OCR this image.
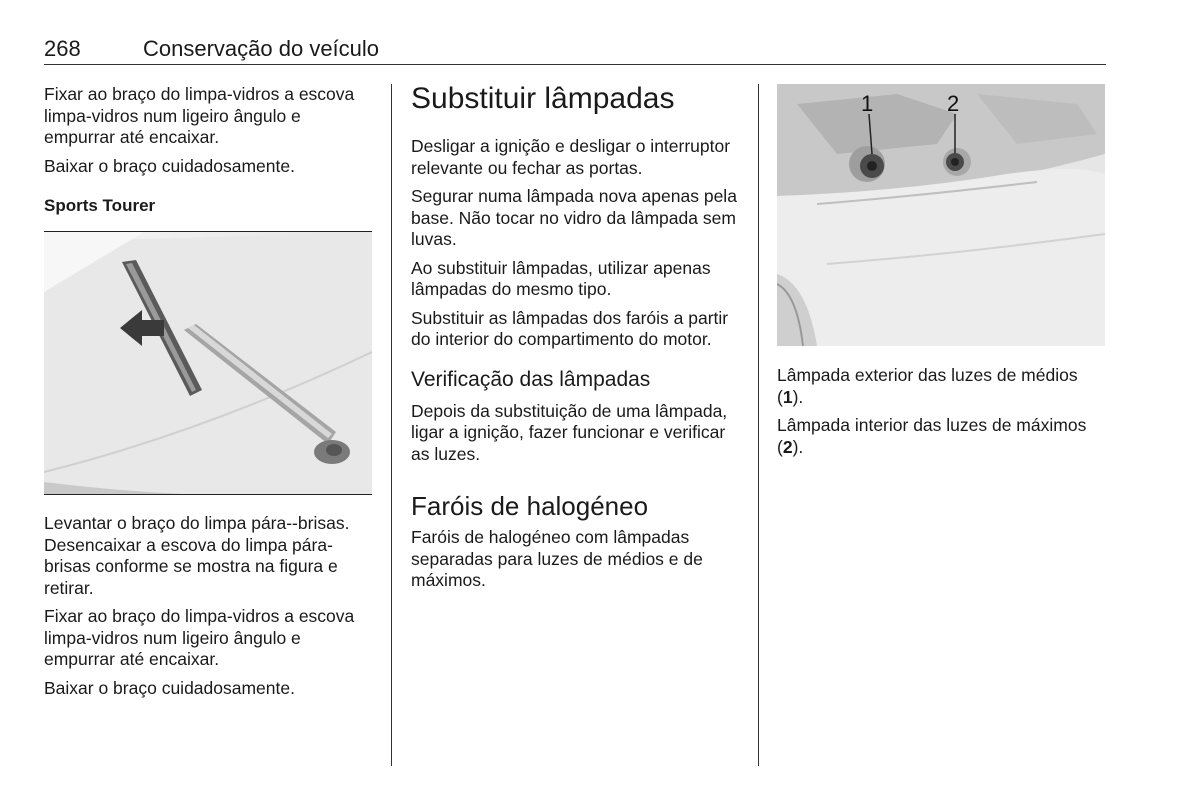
268	Conservação do veículo

Fixar ao braço do limpa-vidros a escova limpa-vidros num ligeiro ângulo e empurrar até encaixar.

Baixar o braço cuidadosamente.

Sports Tourer

Levantar o braço do limpa pára--brisas. Desencaixar a escova do limpa pára-brisas conforme se mostra na figura e retirar.

Fixar ao braço do limpa-vidros a escova limpa-vidros num ligeiro ângulo e empurrar até encaixar.

Baixar o braço cuidadosamente.

Substituir lâmpadas

Desligar a ignição e desligar o interruptor relevante ou fechar as portas.

Segurar numa lâmpada nova apenas pela base. Não tocar no vidro da lâmpada sem luvas.

Ao substituir lâmpadas, utilizar apenas lâmpadas do mesmo tipo.

Substituir as lâmpadas dos faróis a partir do interior do compartimento do motor.

Verificação das lâmpadas

Depois da substituição de uma lâmpada, ligar a ignição, fazer funcionar e verificar as luzes.

Faróis de halogéneo

Faróis de halogéneo com lâmpadas separadas para luzes de médios e de máximos.

1	2

Lâmpada exterior das luzes de médios (1).

Lâmpada interior das luzes de máximos (2).
